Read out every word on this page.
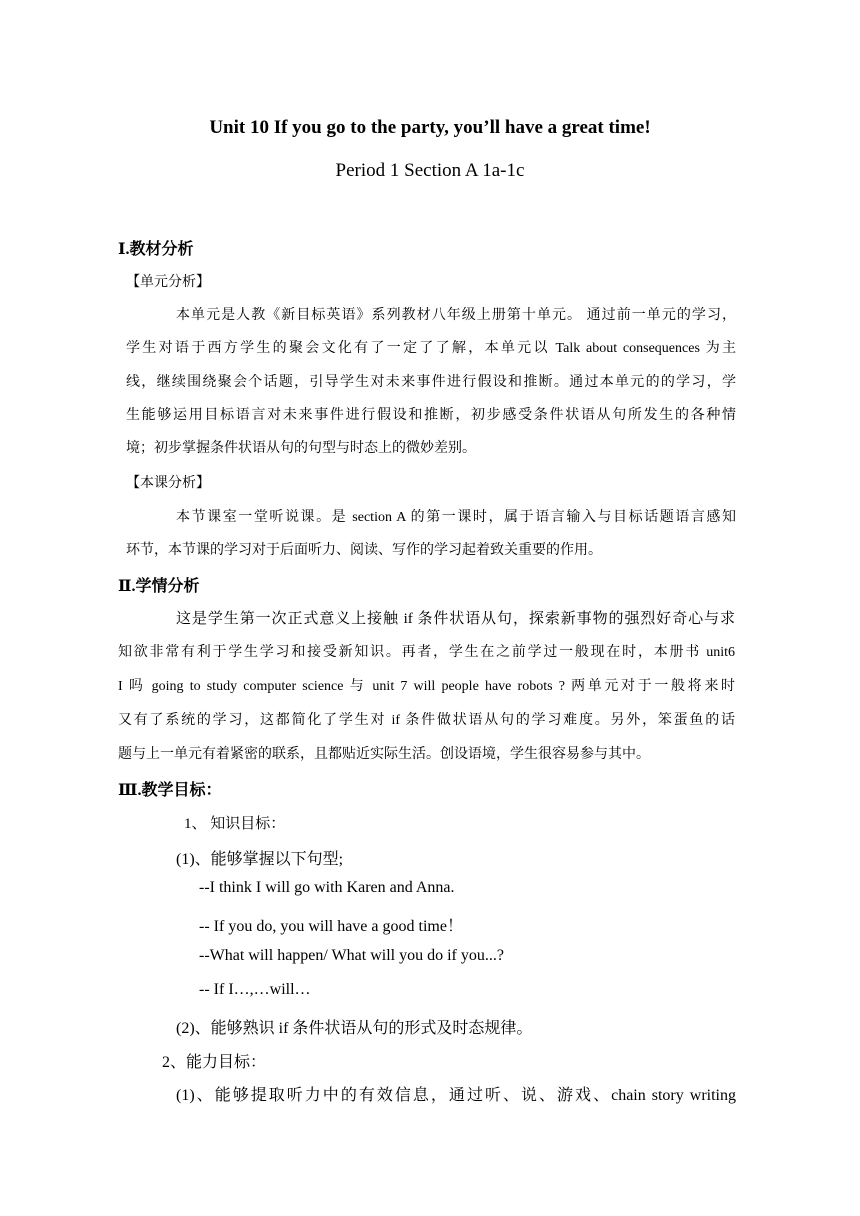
Unit 10 If you go to the party, you’ll have a great time!
Period 1 Section A 1a-1c
Ⅰ.教材分析
【单元分析】
本单元是人教《新目标英语》系列教材八年级上册第十单元。 通过前一单元的学习，
学生对语于西方学生的聚会文化有了一定了了解，本单元以 Talk about consequences 为主
线，继续围绕聚会个话题，引导学生对未来事件进行假设和推断。通过本单元的的学习，学
生能够运用目标语言对未来事件进行假设和推断，初步感受条件状语从句所发生的各种情
境；初步掌握条件状语从句的句型与时态上的微妙差别。
【本课分析】
本节课室一堂听说课。是 section A 的第一课时，属于语言输入与目标话题语言感知
环节，本节课的学习对于后面听力、阅读、写作的学习起着致关重要的作用。
Ⅱ.学情分析
这是学生第一次正式意义上接触 if 条件状语从句，探索新事物的强烈好奇心与求
知欲非常有利于学生学习和接受新知识。再者，学生在之前学过一般现在时，本册书 unit6
I 吗 going to study computer science 与 unit 7 will people have robots ? 两单元对于一般将来时
又有了系统的学习，这都简化了学生对 if 条件做状语从句的学习难度。另外，笨蛋鱼的话
题与上一单元有着紧密的联系，且都贴近实际生活。创设语境，学生很容易参与其中。
Ⅲ.教学目标：
1、 知识目标：
(1)、能够掌握以下句型;
--I think I will go with Karen and Anna.
-- If you do, you will have a good time！
--What will happen/ What will you do if you...?
-- If I…,…will…
(2)、能够熟识 if 条件状语从句的形式及时态规律。
2、能力目标：
(1)、能够提取听力中的有效信息，通过听、说、游戏、chain story writing
